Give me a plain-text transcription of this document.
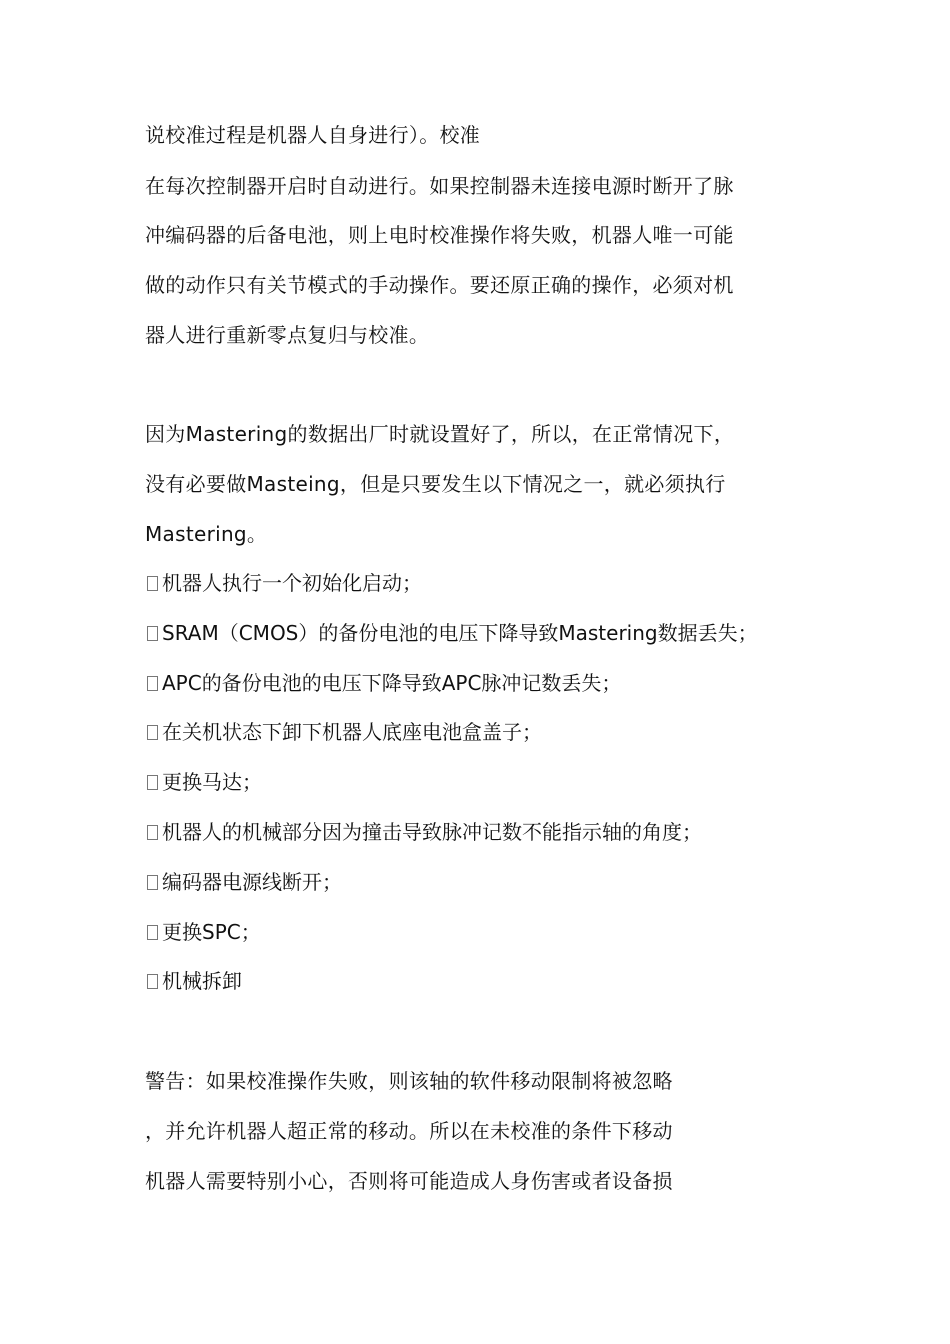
说校准过程是机器人自身进行）。校准
在每次控制器开启时自动进行。如果控制器未连接电源时断开了脉
冲编码器的后备电池，则上电时校准操作将失败，机器人唯一可能
做的动作只有关节模式的手动操作。要还原正确的操作，必须对机
器人进行重新零点复归与校准。
因为Mastering的数据出厂时就设置好了，所以，在正常情况下，
没有必要做Masteing，但是只要发生以下情况之一，就必须执行
Mastering。
机器人执行一个初始化启动；
SRAM（CMOS）的备份电池的电压下降导致Mastering数据丢失；
APC的备份电池的电压下降导致APC脉冲记数丢失；
在关机状态下卸下机器人底座电池盒盖子；
更换马达；
机器人的机械部分因为撞击导致脉冲记数不能指示轴的角度；
编码器电源线断开；
更换SPC；
机械拆卸
警告：如果校准操作失败，则该轴的软件移动限制将被忽略
，并允许机器人超正常的移动。所以在未校准的条件下移动
机器人需要特别小心，否则将可能造成人身伤害或者设备损
